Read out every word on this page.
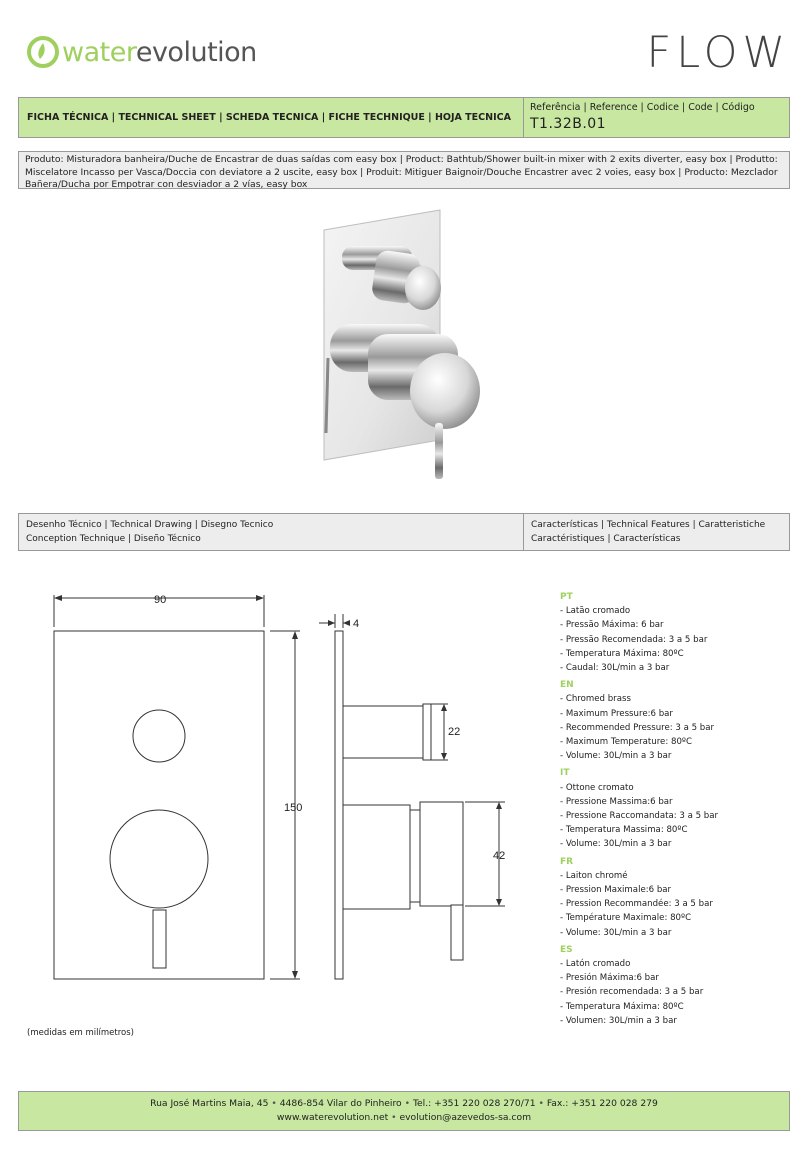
waterevolution	FLOW
FICHA TÉCNICA | TECHNICAL SHEET | SCHEDA TECNICA | FICHE TECHNIQUE | HOJA TECNICA
Referência | Reference | Codice | Code | Código
T1.32B.01
Produto: Misturadora banheira/Duche de Encastrar de duas saídas com easy box | Product: Bathtub/Shower built-in mixer with 2 exits diverter, easy box | Produtto: Miscelatore Incasso per Vasca/Doccia con deviatore a 2 uscite, easy box | Produit: Mitiguer Baignoir/Douche Encastrer avec 2 voies, easy box | Producto: Mezclador Bañera/Ducha por Empotrar con desviador a 2 vías, easy box
Desenho Técnico | Technical Drawing | Disegno Tecnico
Conception Technique | Diseño Técnico
Características | Technical Features | Caratteristiche
Caractéristiques | Características
90
4
150
22
42
(medidas em milímetros)
PT
- Latão cromado
- Pressão Máxima: 6 bar
- Pressão Recomendada: 3 a 5 bar
- Temperatura Máxima: 80ºC
- Caudal: 30L/min a 3 bar
EN
- Chromed brass
- Maximum Pressure:6 bar
- Recommended Pressure: 3 a 5 bar
- Maximum Temperature: 80ºC
- Volume: 30L/min a 3 bar
IT
- Ottone cromato
- Pressione Massima:6 bar
- Pressione Raccomandata: 3 a 5 bar
- Temperatura Massima: 80ºC
- Volume: 30L/min a 3 bar
FR
- Laiton chromé
- Pression Maximale:6 bar
- Pression Recommandée: 3 a 5 bar
- Température Maximale: 80ºC
- Volume: 30L/min a 3 bar
ES
- Latón cromado
- Presión Máxima:6 bar
- Presión recomendada: 3 a 5 bar
- Temperatura Máxima: 80ºC
- Volumen: 30L/min a 3 bar
Rua José Martins Maia, 45 • 4486-854 Vilar do Pinheiro • Tel.: +351 220 028 270/71 • Fax.: +351 220 028 279
www.waterevolution.net • evolution@azevedos-sa.com
